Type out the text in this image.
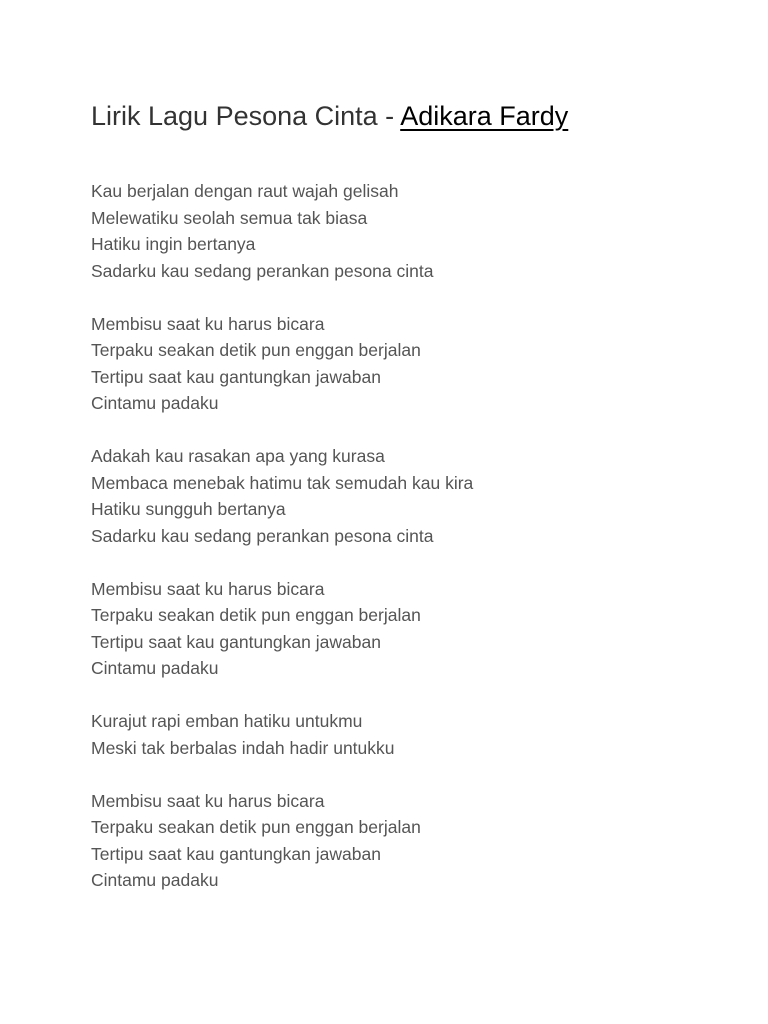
Lirik Lagu Pesona Cinta - Adikara Fardy
Kau berjalan dengan raut wajah gelisah
Melewatiku seolah semua tak biasa
Hatiku ingin bertanya
Sadarku kau sedang perankan pesona cinta
Membisu saat ku harus bicara
Terpaku seakan detik pun enggan berjalan
Tertipu saat kau gantungkan jawaban
Cintamu padaku
Adakah kau rasakan apa yang kurasa
Membaca menebak hatimu tak semudah kau kira
Hatiku sungguh bertanya
Sadarku kau sedang perankan pesona cinta
Membisu saat ku harus bicara
Terpaku seakan detik pun enggan berjalan
Tertipu saat kau gantungkan jawaban
Cintamu padaku
Kurajut rapi emban hatiku untukmu
Meski tak berbalas indah hadir untukku
Membisu saat ku harus bicara
Terpaku seakan detik pun enggan berjalan
Tertipu saat kau gantungkan jawaban
Cintamu padaku
